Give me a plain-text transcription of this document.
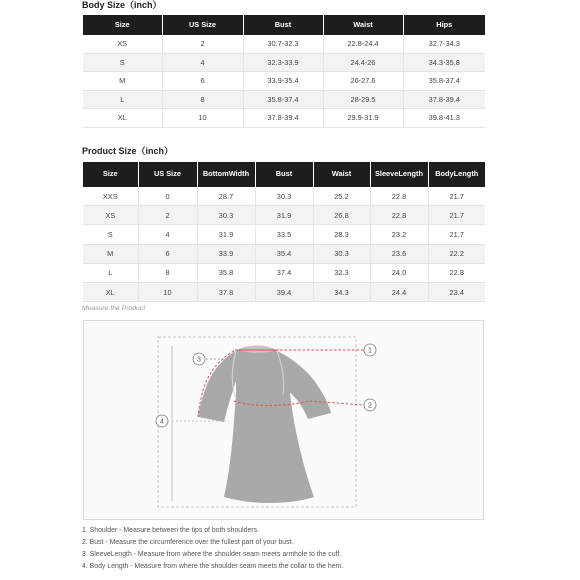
Body Size（inch）
Size	US Size	Bust	Waist	Hips
XS	2	30.7-32.3	22.8-24.4	32.7-34.3
S	4	32.3-33.9	24.4-26	34.3-35.8
M	6	33.9-35.4	26-27.6	35.8-37.4
L	8	35.8-37.4	28-29.5	37.8-39.4
XL	10	37.8-39.4	29.9-31.9	39.8-41.3
Product Size（inch）
Size	US Size	BottomWidth	Bust	Waist	SleeveLength	BodyLength
XXS	0	28.7	30.3	25.2	22.8	21.7
XS	2	30.3	31.9	26.8	22.8	21.7
S	4	31.9	33.5	28.3	23.2	21.7
M	6	33.9	35.4	30.3	23.6	22.2
L	8	35.8	37.4	32.3	24.0	22.8
XL	10	37.8	39.4	34.3	24.4	23.4
Measure the Product
1
2
3
4
1. Shoulder - Measure between the tips of both shoulders.
2. Bust - Measure the circumference over the fullest part of your bust.
3. SleeveLength - Measure from where the shoulder seam meets armhole to the cuff.
4. Body Length - Measure from where the shoulder seam meets the collar to the hem.
